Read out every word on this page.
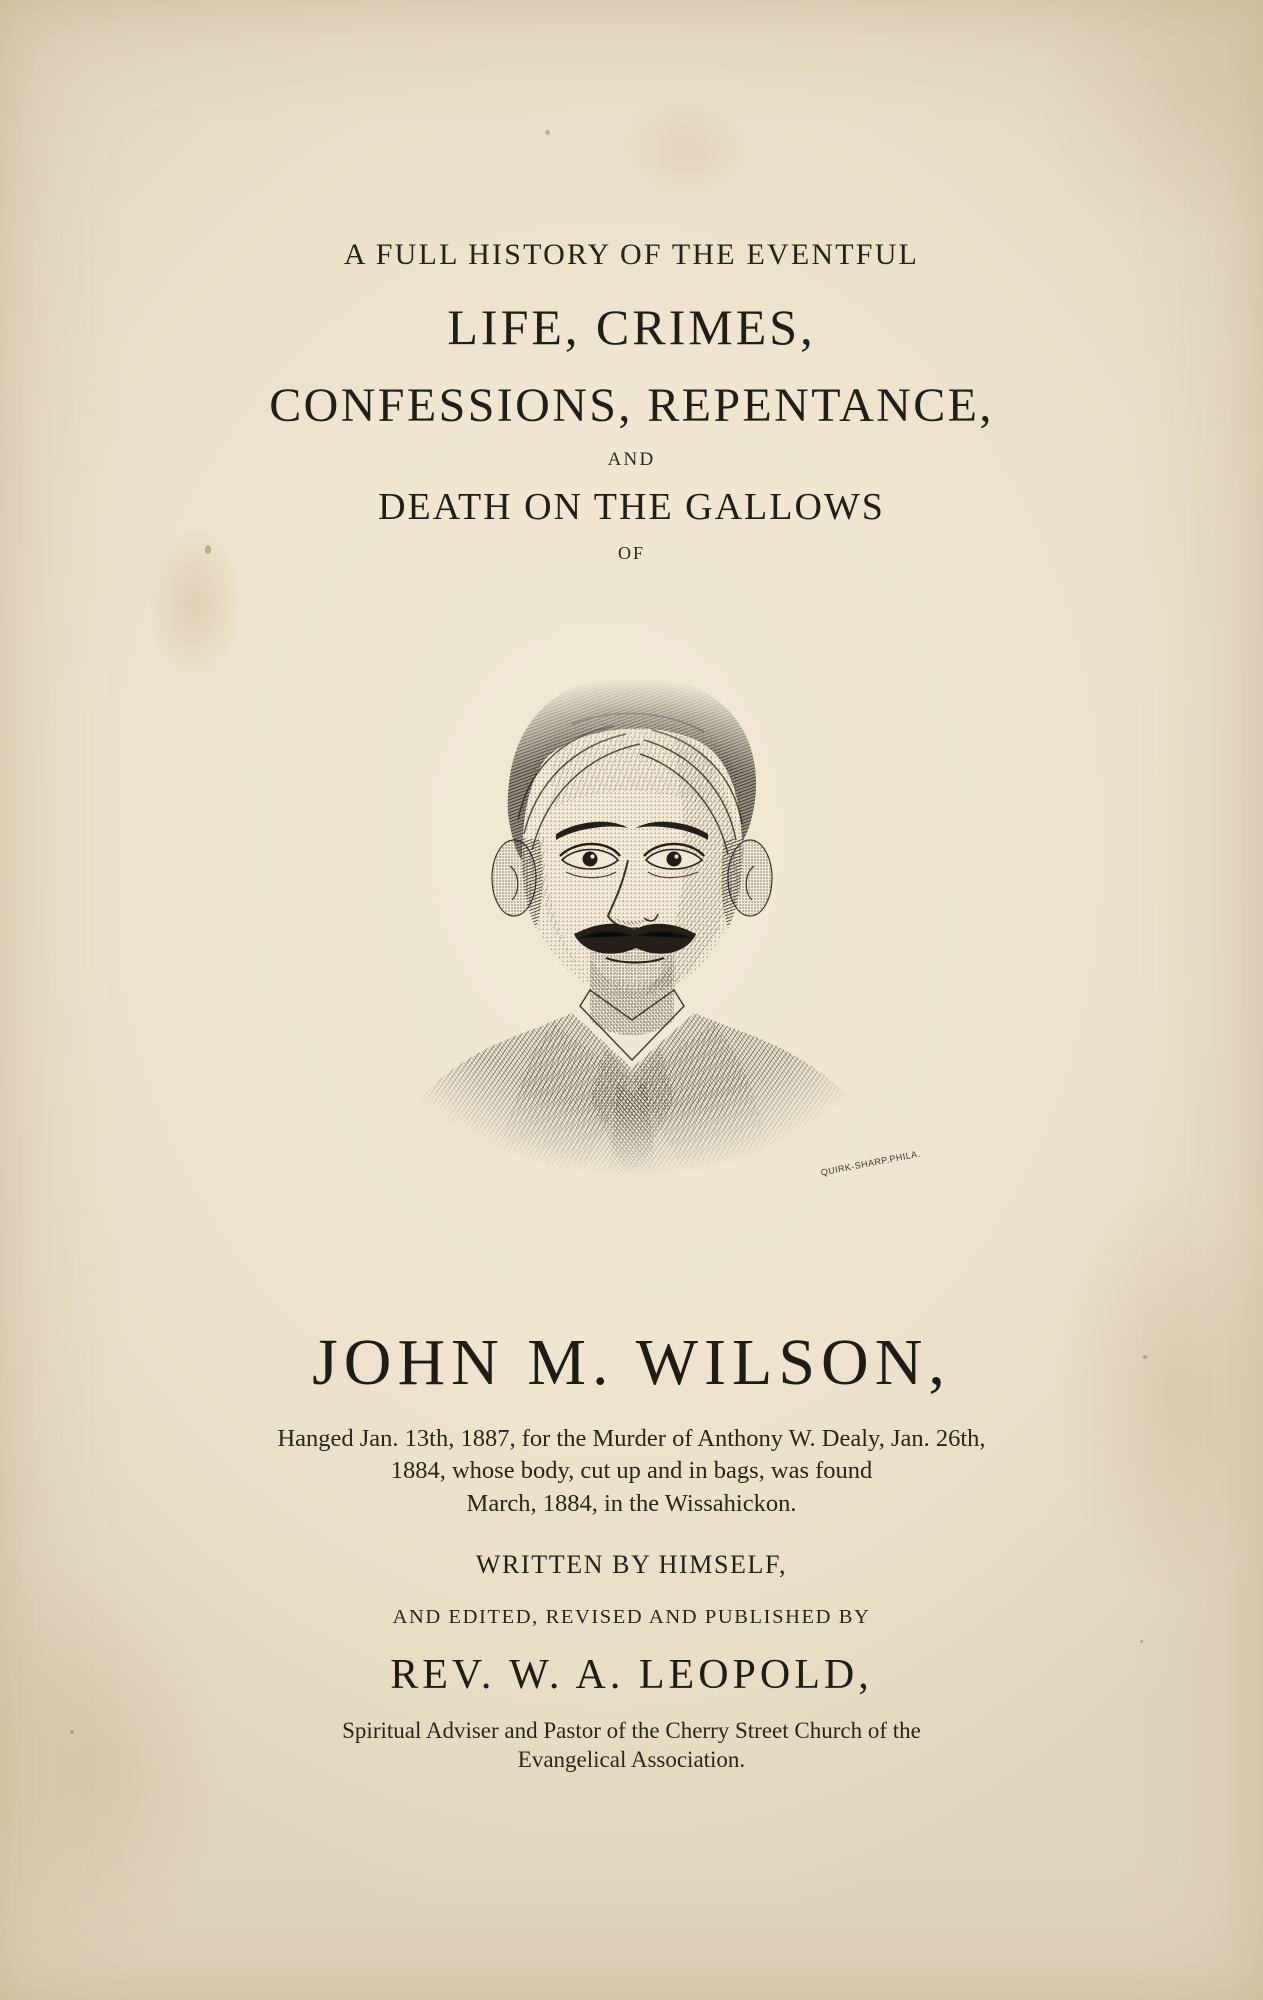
A FULL HISTORY OF THE EVENTFUL
LIFE, CRIMES,
CONFESSIONS, REPENTANCE,
AND
DEATH ON THE GALLOWS
OF
QUIRK-SHARP.PHILA.
JOHN M. WILSON,
Hanged Jan. 13th, 1887, for the Murder of Anthony W. Dealy, Jan. 26th,
1884, whose body, cut up and in bags, was found
March, 1884, in the Wissahickon.
WRITTEN BY HIMSELF,
AND EDITED, REVISED AND PUBLISHED BY
REV. W. A. LEOPOLD,
Spiritual Adviser and Pastor of the Cherry Street Church of the
Evangelical Association.
